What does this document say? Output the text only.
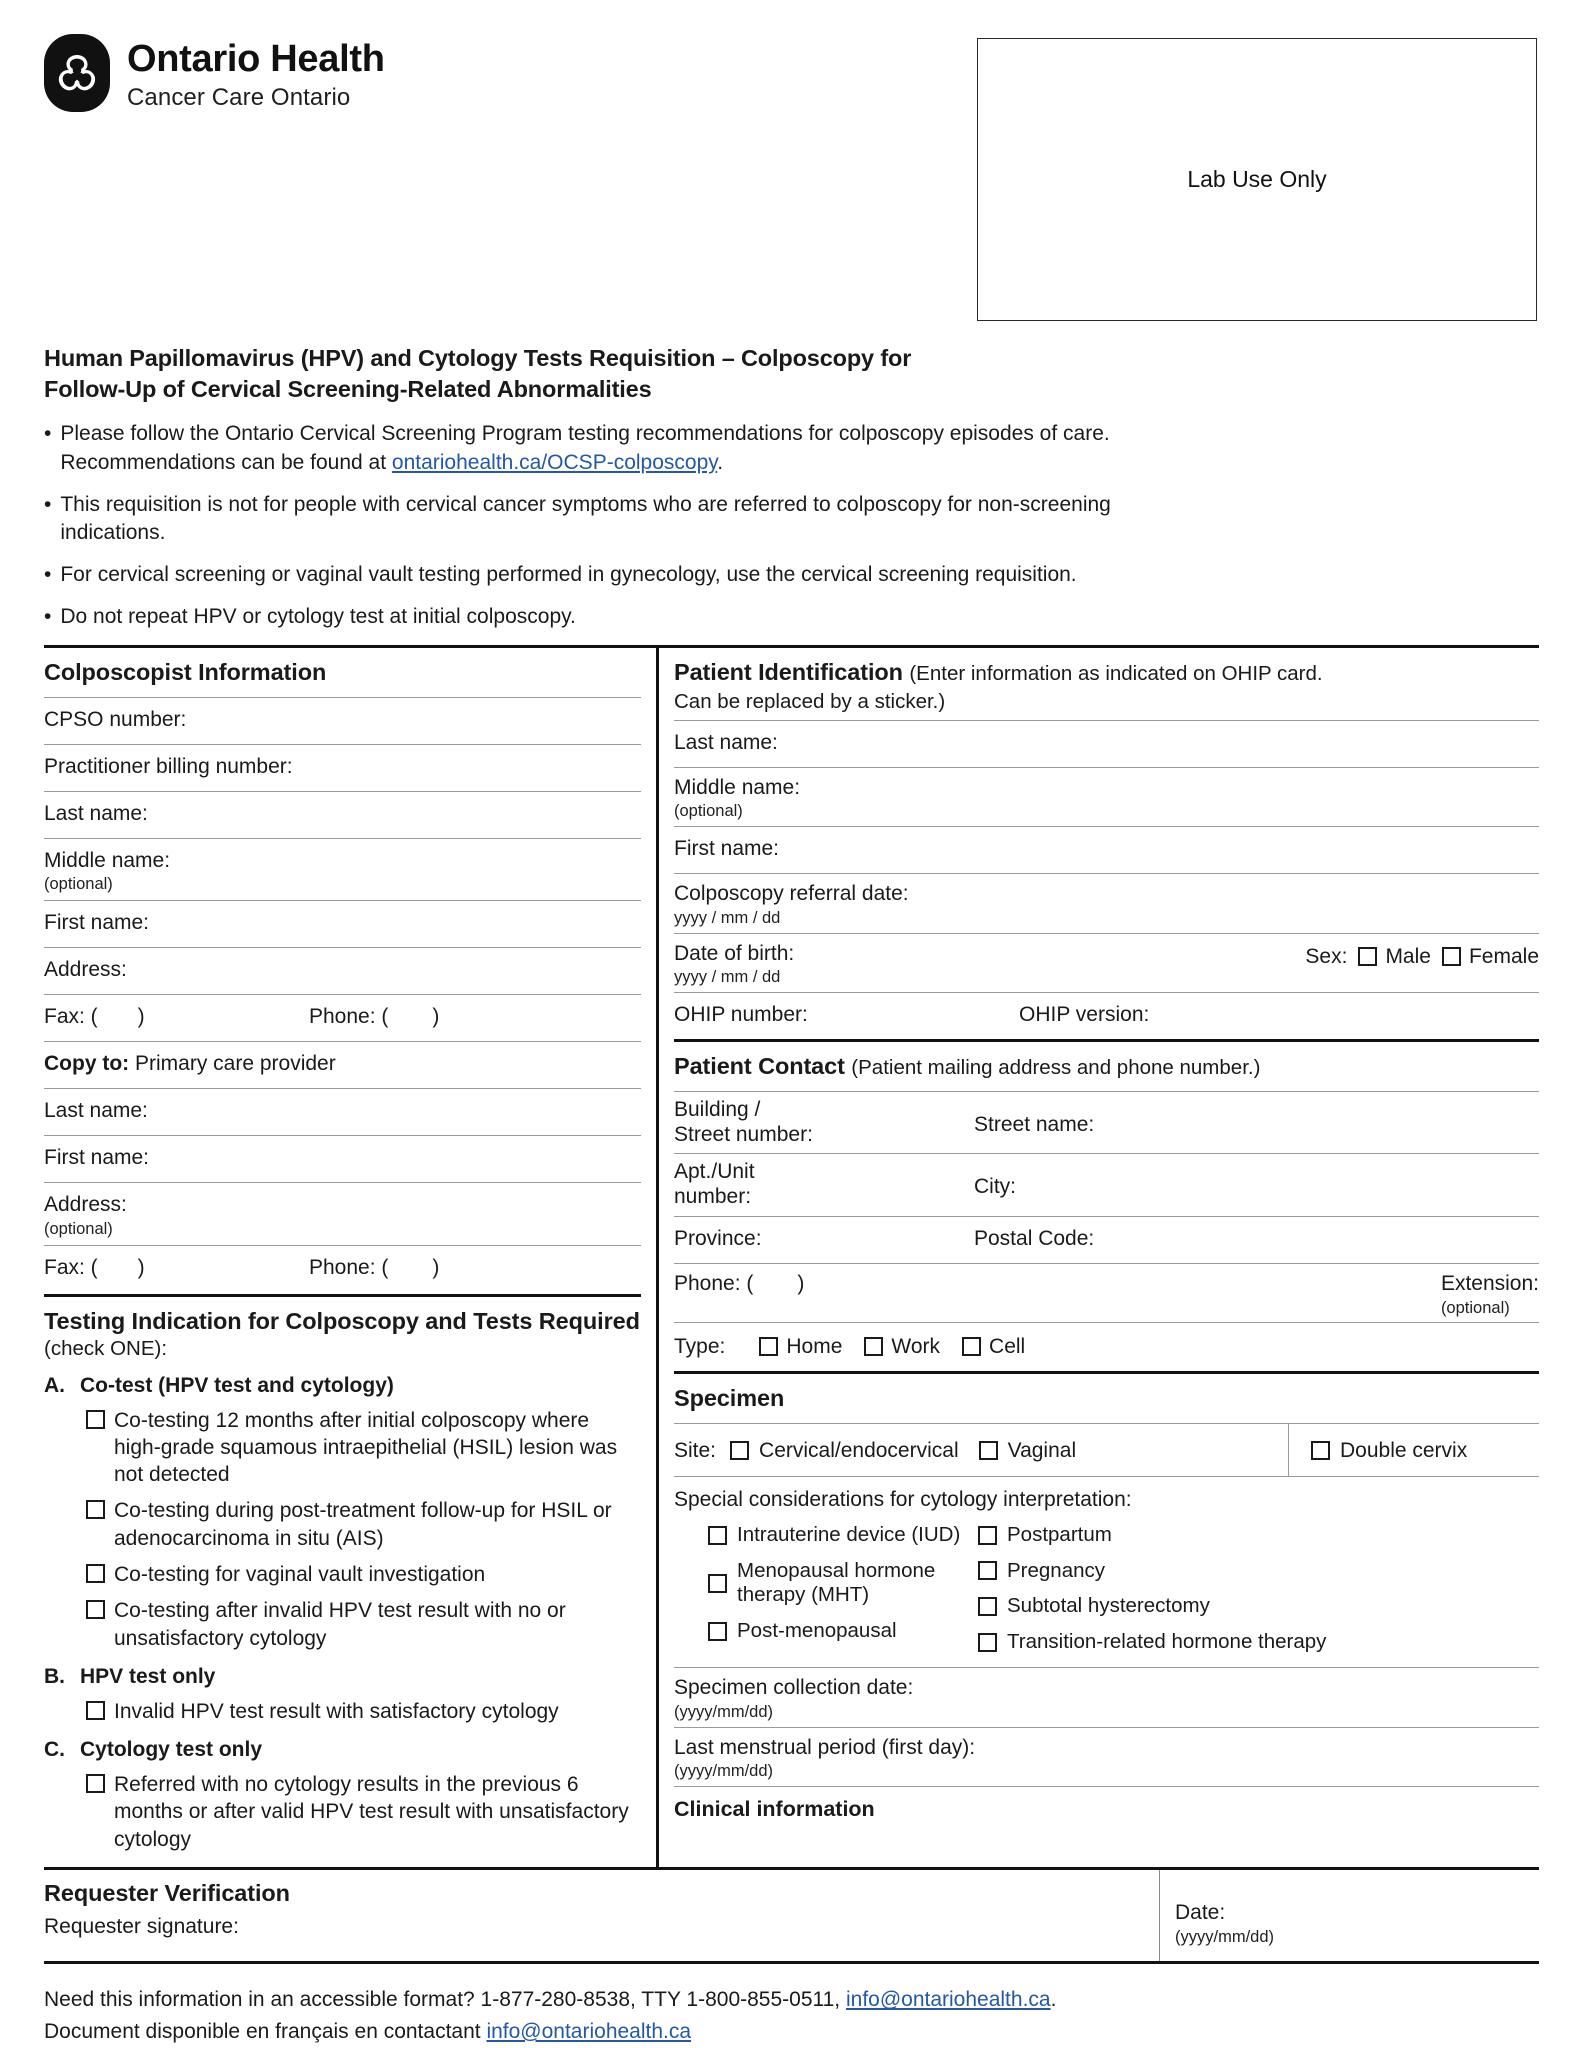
Ontario Health
Cancer Care Ontario
Lab Use Only
Human Papillomavirus (HPV) and Cytology Tests Requisition – Colposcopy for Follow-Up of Cervical Screening-Related Abnormalities
• Please follow the Ontario Cervical Screening Program testing recommendations for colposcopy episodes of care. Recommendations can be found at ontariohealth.ca/OCSP-colposcopy.

• This requisition is not for people with cervical cancer symptoms who are referred to colposcopy for non-screening indications.

• For cervical screening or vaginal vault testing performed in gynecology, use the cervical screening requisition.

• Do not repeat HPV or cytology test at initial colposcopy.

Colposcopist Information
CPSO number:
Practitioner billing number:
Last name:
Middle name:
(optional)
First name:
Address:
Fax: ( )	Phone: ( )
Copy to: Primary care provider
Last name:
First name:
Address:
(optional)
Fax: ( )	Phone: ( )
Testing Indication for Colposcopy and Tests Required
(check ONE):
A. Co-test (HPV test and cytology)
Co-testing 12 months after initial colposcopy where high-grade squamous intraepithelial (HSIL) lesion was not detected
Co-testing during post-treatment follow-up for HSIL or adenocarcinoma in situ (AIS)
Co-testing for vaginal vault investigation
Co-testing after invalid HPV test result with no or unsatisfactory cytology
B. HPV test only
Invalid HPV test result with satisfactory cytology
C. Cytology test only
Referred with no cytology results in the previous 6 months or after valid HPV test result with unsatisfactory cytology
Patient Identification (Enter information as indicated on OHIP card.
Can be replaced by a sticker.)
Last name:
Middle name:
(optional)
First name:
Colposcopy referral date:
yyyy / mm / dd
Date of birth:
yyyy / mm / dd
Sex: Male Female
OHIP number:	OHIP version:
Patient Contact (Patient mailing address and phone number.)
Building /
Street number:	Street name:
Apt./Unit
number:	City:
Province:	Postal Code:
Phone: ( )	Extension:
(optional)
Type:	Home Work Cell
Specimen
Site: Cervical/endocervical Vaginal	Double cervix
Special considerations for cytology interpretation:
Intrauterine device (IUD)
Menopausal hormone therapy (MHT)
Post-menopausal
Postpartum
Pregnancy
Subtotal hysterectomy
Transition-related hormone therapy
Specimen collection date:
(yyyy/mm/dd)
Last menstrual period (first day):
(yyyy/mm/dd)
Clinical information
Requester Verification
Requester signature:
Date:
(yyyy/mm/dd)
Need this information in an accessible format? 1-877-280-8538, TTY 1-800-855-0511, info@ontariohealth.ca.
Document disponible en français en contactant info@ontariohealth.ca
